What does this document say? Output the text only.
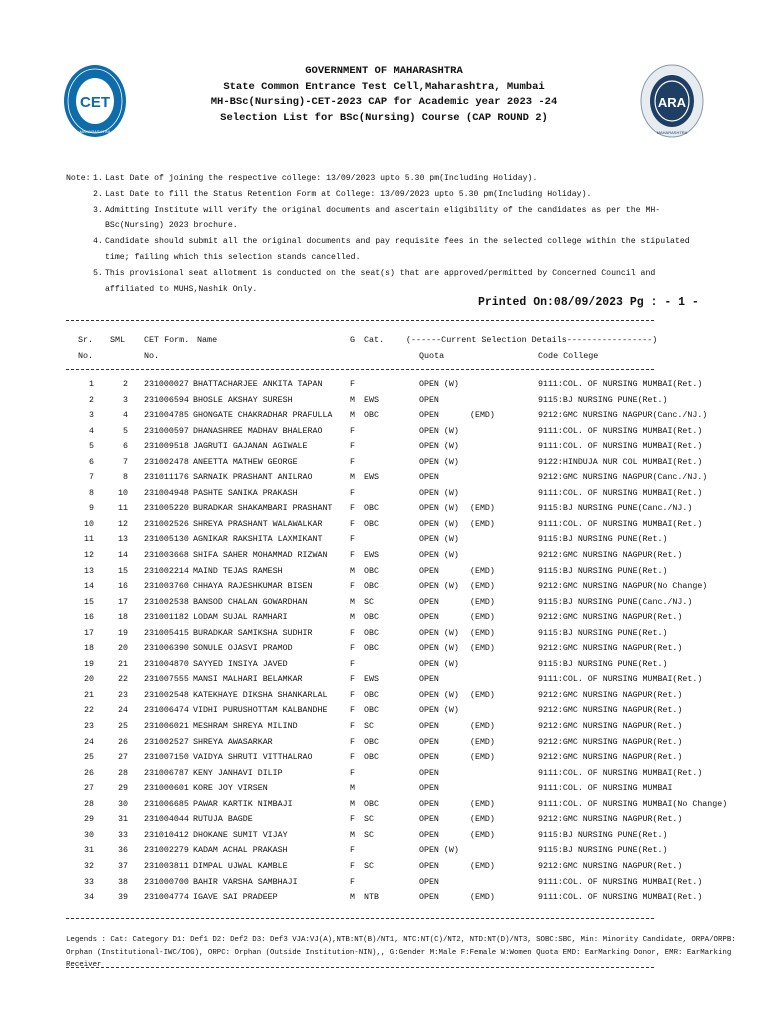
CET
MAHARASHTRA
ARA
MAHARASHTRA
GOVERNMENT OF MAHARASHTRA
State Common Entrance Test Cell,Maharashtra, Mumbai
MH-BSc(Nursing)-CET-2023 CAP for Academic year 2023 -24
Selection List for BSc(Nursing) Course (CAP ROUND 2)
Note: 1. Last Date of joining the respective college: 13/09/2023 upto 5.30 pm(Including Holiday).
2. Last Date to fill the Status Retention Form at College: 13/09/2023 upto 5.30 pm(Including Holiday).
3. Admitting Institute will verify the original documents and ascertain eligibility of the candidates as per the MH-BSc(Nursing) 2023 brochure.
4. Candidate should submit all the original documents and pay requisite fees in the selected college within the stipulated time; failing which this selection stands cancelled.
5. This provisional seat allotment is conducted on the seat(s) that are approved/permitted by Concerned Council and affiliated to MUHS,Nashik Only.
Printed On:08/09/2023 Pg : - 1 -
Sr.
No.
SML CET Form.
No.
Name	G Cat.	(------Current Selection Details-----------------)
Quota	Code College
1	2 231000027 BHATTACHARJEE ANKITA TAPAN	F	OPEN (W)	9111:COL. OF NURSING MUMBAI(Ret.)
2	3 231006594 BHOSLE AKSHAY SURESH	M EWS	OPEN	9115:BJ NURSING PUNE(Ret.)
3	4 231004785 GHONGATE CHAKRADHAR PRAFULLA M OBC	OPEN	(EMD)	9212:GMC NURSING NAGPUR(Canc./NJ.)
4	5 231000597 DHANASHREE MADHAV BHALERAO	F	OPEN (W)	9111:COL. OF NURSING MUMBAI(Ret.)
5	6 231009518 JAGRUTI GAJANAN AGIWALE	F	OPEN (W)	9111:COL. OF NURSING MUMBAI(Ret.)
6	7 231002478 ANEETTA MATHEW GEORGE	F	OPEN (W)	9122:HINDUJA NUR COL MUMBAI(Ret.)
7	8 231011176 SARNAIK PRASHANT ANILRAO	M EWS	OPEN	9212:GMC NURSING NAGPUR(Canc./NJ.)
8	10 231004948 PASHTE SANIKA PRAKASH	F	OPEN (W)	9111:COL. OF NURSING MUMBAI(Ret.)
9	11 231005220 BURADKAR SHAKAMBARI PRASHANT F OBC	OPEN (W) (EMD)	9115:BJ NURSING PUNE(Canc./NJ.)
10	12 231002526 SHREYA PRASHANT WALAWALKAR	F OBC	OPEN (W) (EMD)	9111:COL. OF NURSING MUMBAI(Ret.)
11	13 231005130 AGNIKAR RAKSHITA LAXMIKANT	F	OPEN (W)	9115:BJ NURSING PUNE(Ret.)
12	14 231003668 SHIFA SAHER MOHAMMAD RIZWAN	F EWS	OPEN (W)	9212:GMC NURSING NAGPUR(Ret.)
13	15 231002214 MAIND TEJAS RAMESH	M OBC	OPEN	(EMD)	9115:BJ NURSING PUNE(Ret.)
14	16 231003760 CHHAYA RAJESHKUMAR BISEN	F OBC	OPEN (W) (EMD)	9212:GMC NURSING NAGPUR(No Change)
15	17 231002538 BANSOD CHALAN GOWARDHAN	M SC	OPEN	(EMD)	9115:BJ NURSING PUNE(Canc./NJ.)
16	18 231001182 LODAM SUJAL RAMHARI	M OBC	OPEN	(EMD)	9212:GMC NURSING NAGPUR(Ret.)
17	19 231005415 BURADKAR SAMIKSHA SUDHIR	F OBC	OPEN (W) (EMD)	9115:BJ NURSING PUNE(Ret.)
18	20 231006390 SONULE OJASVI PRAMOD	F OBC	OPEN (W) (EMD)	9212:GMC NURSING NAGPUR(Ret.)
19	21 231004870 SAYYED INSIYA JAVED	F	OPEN (W)	9115:BJ NURSING PUNE(Ret.)
20	22 231007555 MANSI MALHARI BELAMKAR	F EWS	OPEN	9111:COL. OF NURSING MUMBAI(Ret.)
21	23 231002548 KATEKHAYE DIKSHA SHANKARLAL	F OBC	OPEN (W) (EMD)	9212:GMC NURSING NAGPUR(Ret.)
22	24 231006474 VIDHI PURUSHOTTAM KALBANDHE	F OBC	OPEN (W)	9212:GMC NURSING NAGPUR(Ret.)
23	25 231006021 MESHRAM SHREYA MILIND	F SC	OPEN	(EMD)	9212:GMC NURSING NAGPUR(Ret.)
24	26 231002527 SHREYA AWASARKAR	F OBC	OPEN	(EMD)	9212:GMC NURSING NAGPUR(Ret.)
25	27 231007150 VAIDYA SHRUTI VITTHALRAO	F OBC	OPEN	(EMD)	9212:GMC NURSING NAGPUR(Ret.)
26	28 231006787 KENY JANHAVI DILIP	F	OPEN	9111:COL. OF NURSING MUMBAI(Ret.)
27	29 231000601 KORE JOY VIRSEN	M	OPEN	9111:COL. OF NURSING MUMBAI
28	30 231006685 PAWAR KARTIK NIMBAJI	M OBC	OPEN	(EMD)	9111:COL. OF NURSING MUMBAI(No Change)
29	31 231004044 RUTUJA BAGDE	F SC	OPEN	(EMD)	9212:GMC NURSING NAGPUR(Ret.)
30	33 231010412 DHOKANE SUMIT VIJAY	M SC	OPEN	(EMD)	9115:BJ NURSING PUNE(Ret.)
31	36 231002279 KADAM ACHAL PRAKASH	F	OPEN (W)	9115:BJ NURSING PUNE(Ret.)
32	37 231003811 DIMPAL UJWAL KAMBLE	F SC	OPEN	(EMD)	9212:GMC NURSING NAGPUR(Ret.)
33	38 231000700 BAHIR VARSHA SAMBHAJI	F	OPEN	9111:COL. OF NURSING MUMBAI(Ret.)
34	39 231004774 IGAVE SAI PRADEEP	M NTB	OPEN	(EMD)	9111:COL. OF NURSING MUMBAI(Ret.)
Legends : Cat: Category D1: Def1 D2: Def2 D3: Def3 VJA:VJ(A),NTB:NT(B)/NT1, NTC:NT(C)/NT2, NTD:NT(D)/NT3, SOBC:SBC, Min: Minority Candidate, ORPA/ORPB: Orphan (Institutional-IWC/IOG), ORPC: Orphan (Outside Institution-NIN),, G:Gender M:Male F:Female W:Women Quota EMD: EarMarking Donor, EMR: EarMarking Receiver
